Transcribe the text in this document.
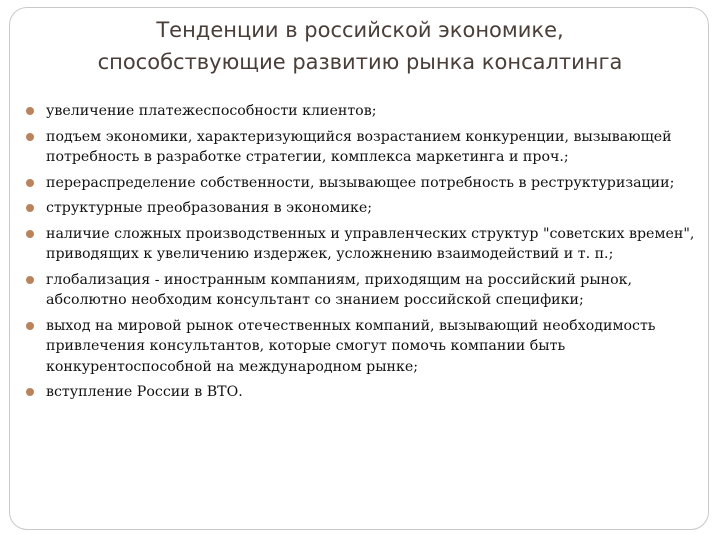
Тенденции в российской экономике,
способствующие развитию рынка консалтинга
увеличение платежеспособности клиентов;
подъем экономики, характеризующийся возрастанием конкуренции, вызывающей потребность в разработке стратегии, комплекса маркетинга и проч.;
перераспределение собственности, вызывающее потребность в реструктуризации;
структурные преобразования в экономике;
наличие сложных производственных и управленческих структур "советских времен", приводящих к увеличению издержек, усложнению взаимодействий и т. п.;
глобализация - иностранным компаниям, приходящим на российский рынок, абсолютно необходим консультант со знанием российской специфики;
выход на мировой рынок отечественных компаний, вызывающий необходимость привлечения консультантов, которые смогут помочь компании быть конкурентоспособной на международном рынке;
вступление России в ВТО.
